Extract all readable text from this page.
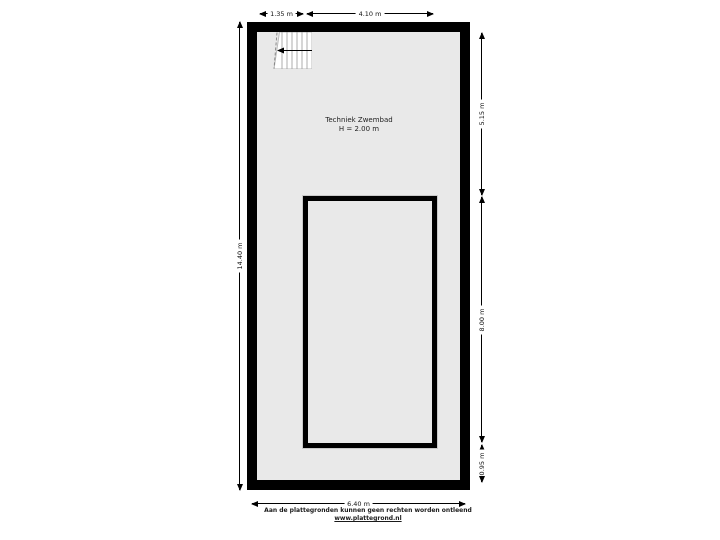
Techniek Zwembad
H = 2.00 m
1.35 m	4.10 m
14.40 m
5.15 m
8.00 m
0.95 m
6.40 m
Aan de plattegronden kunnen geen rechten worden ontleend
www.plattegrond.nl
